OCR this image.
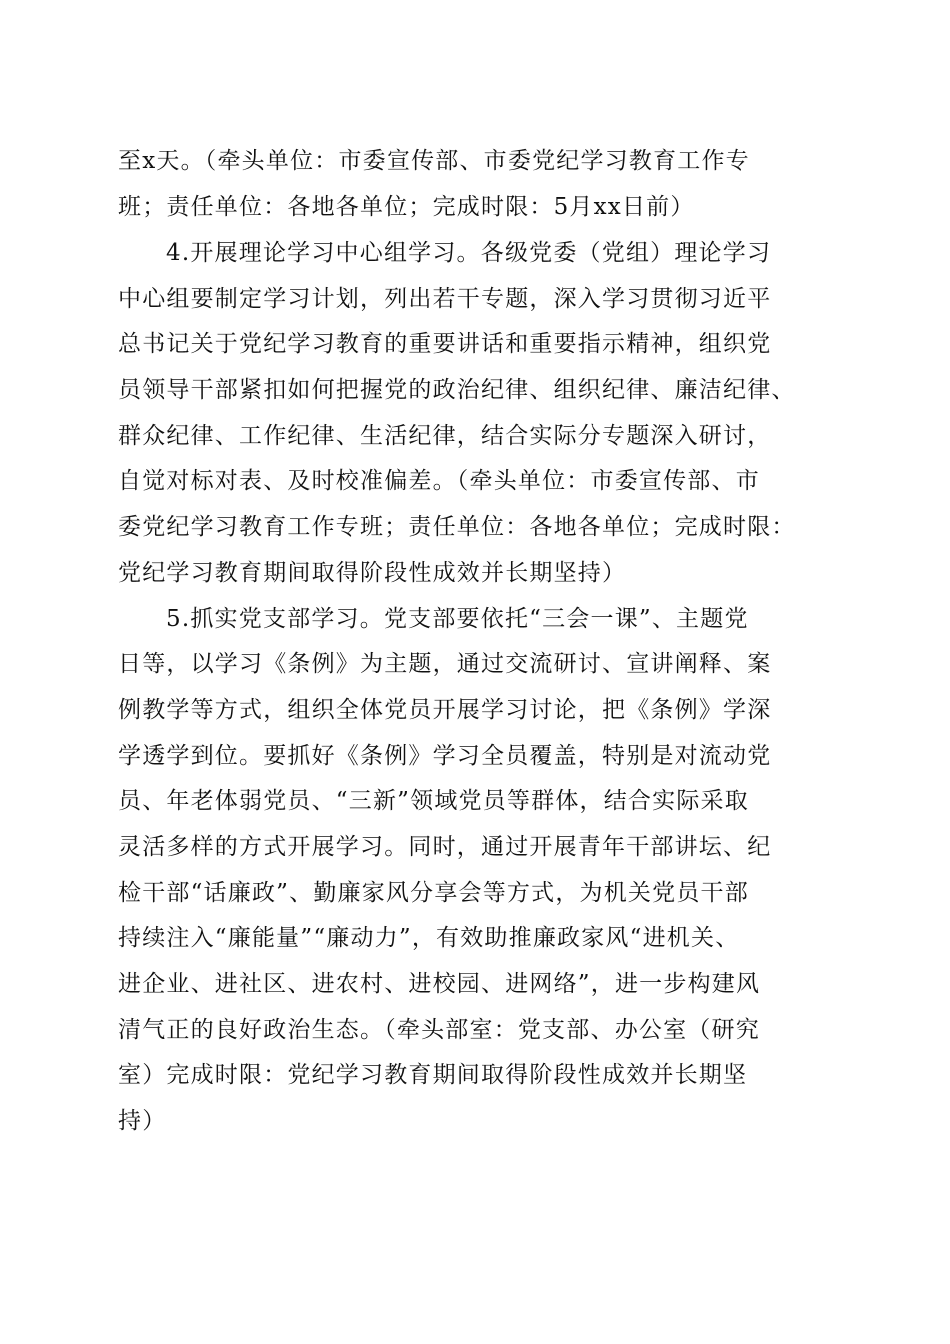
至x天。（牵头单位：市委宣传部、市委党纪学习教育工作专
班；责任单位：各地各单位；完成时限：5月xx日前）
4.开展理论学习中心组学习。各级党委（党组）理论学习
中心组要制定学习计划，列出若干专题，深入学习贯彻习近平
总书记关于党纪学习教育的重要讲话和重要指示精神，组织党
员领导干部紧扣如何把握党的政治纪律、组织纪律、廉洁纪律、
群众纪律、工作纪律、生活纪律，结合实际分专题深入研讨，
自觉对标对表、及时校准偏差。（牵头单位：市委宣传部、市
委党纪学习教育工作专班；责任单位：各地各单位；完成时限：
党纪学习教育期间取得阶段性成效并长期坚持）
5.抓实党支部学习。党支部要依托“三会一课”、主题党
日等，以学习《条例》为主题，通过交流研讨、宣讲阐释、案
例教学等方式，组织全体党员开展学习讨论，把《条例》学深
学透学到位。要抓好《条例》学习全员覆盖，特别是对流动党
员、年老体弱党员、“三新”领域党员等群体，结合实际采取
灵活多样的方式开展学习。同时，通过开展青年干部讲坛、纪
检干部“话廉政”、勤廉家风分享会等方式，为机关党员干部
持续注入“廉能量”“廉动力”，有效助推廉政家风“进机关、
进企业、进社区、进农村、进校园、进网络”，进一步构建风
清气正的良好政治生态。（牵头部室：党支部、办公室（研究
室）完成时限：党纪学习教育期间取得阶段性成效并长期坚
持）
